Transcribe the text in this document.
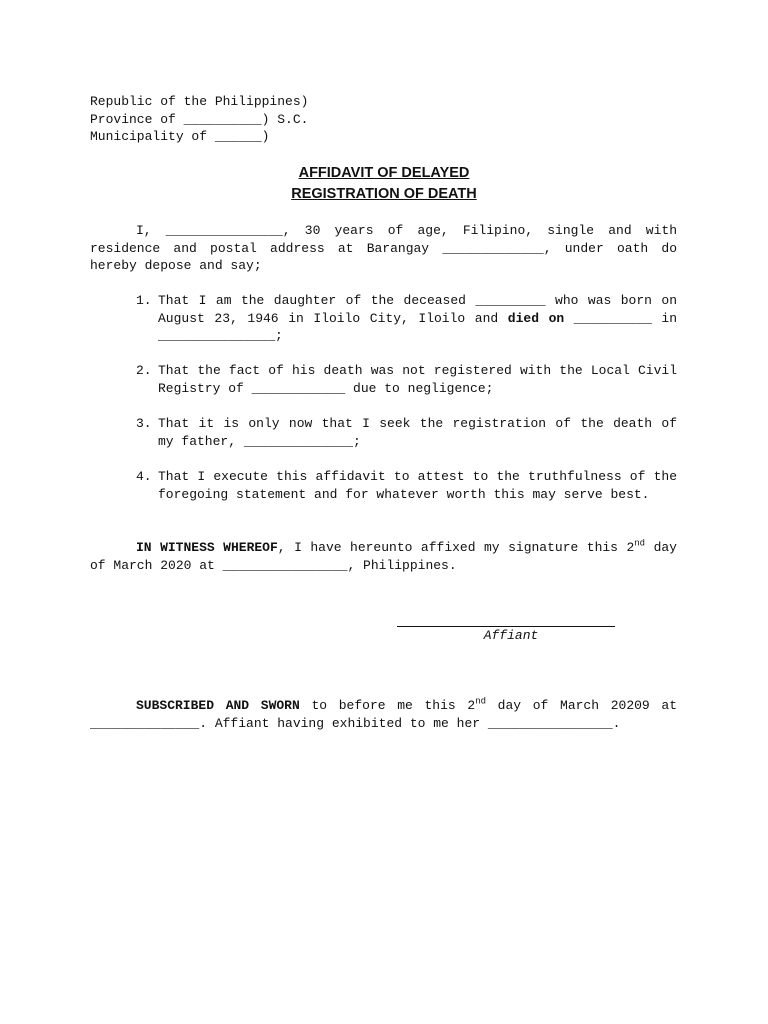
Republic of the Philippines)
Province of __________) S.C.
Municipality of ______)
AFFIDAVIT OF DELAYED
REGISTRATION OF DEATH
I, _______________, 30 years of age, Filipino, single and with residence and postal address at Barangay _____________, under oath do hereby depose and say;
1. That I am the daughter of the deceased _________ who was born on August 23, 1946 in Iloilo City, Iloilo and died on __________ in _______________;
2. That the fact of his death was not registered with the Local Civil Registry of ____________ due to negligence;
3. That it is only now that I seek the registration of the death of my father, ______________;
4. That I execute this affidavit to attest to the truthfulness of the foregoing statement and for whatever worth this may serve best.
IN WITNESS WHEREOF, I have hereunto affixed my signature this 2nd day of March 2020 at ________________, Philippines.
Affiant
SUBSCRIBED AND SWORN to before me this 2nd day of March 20209 at ______________. Affiant having exhibited to me her ________________.
